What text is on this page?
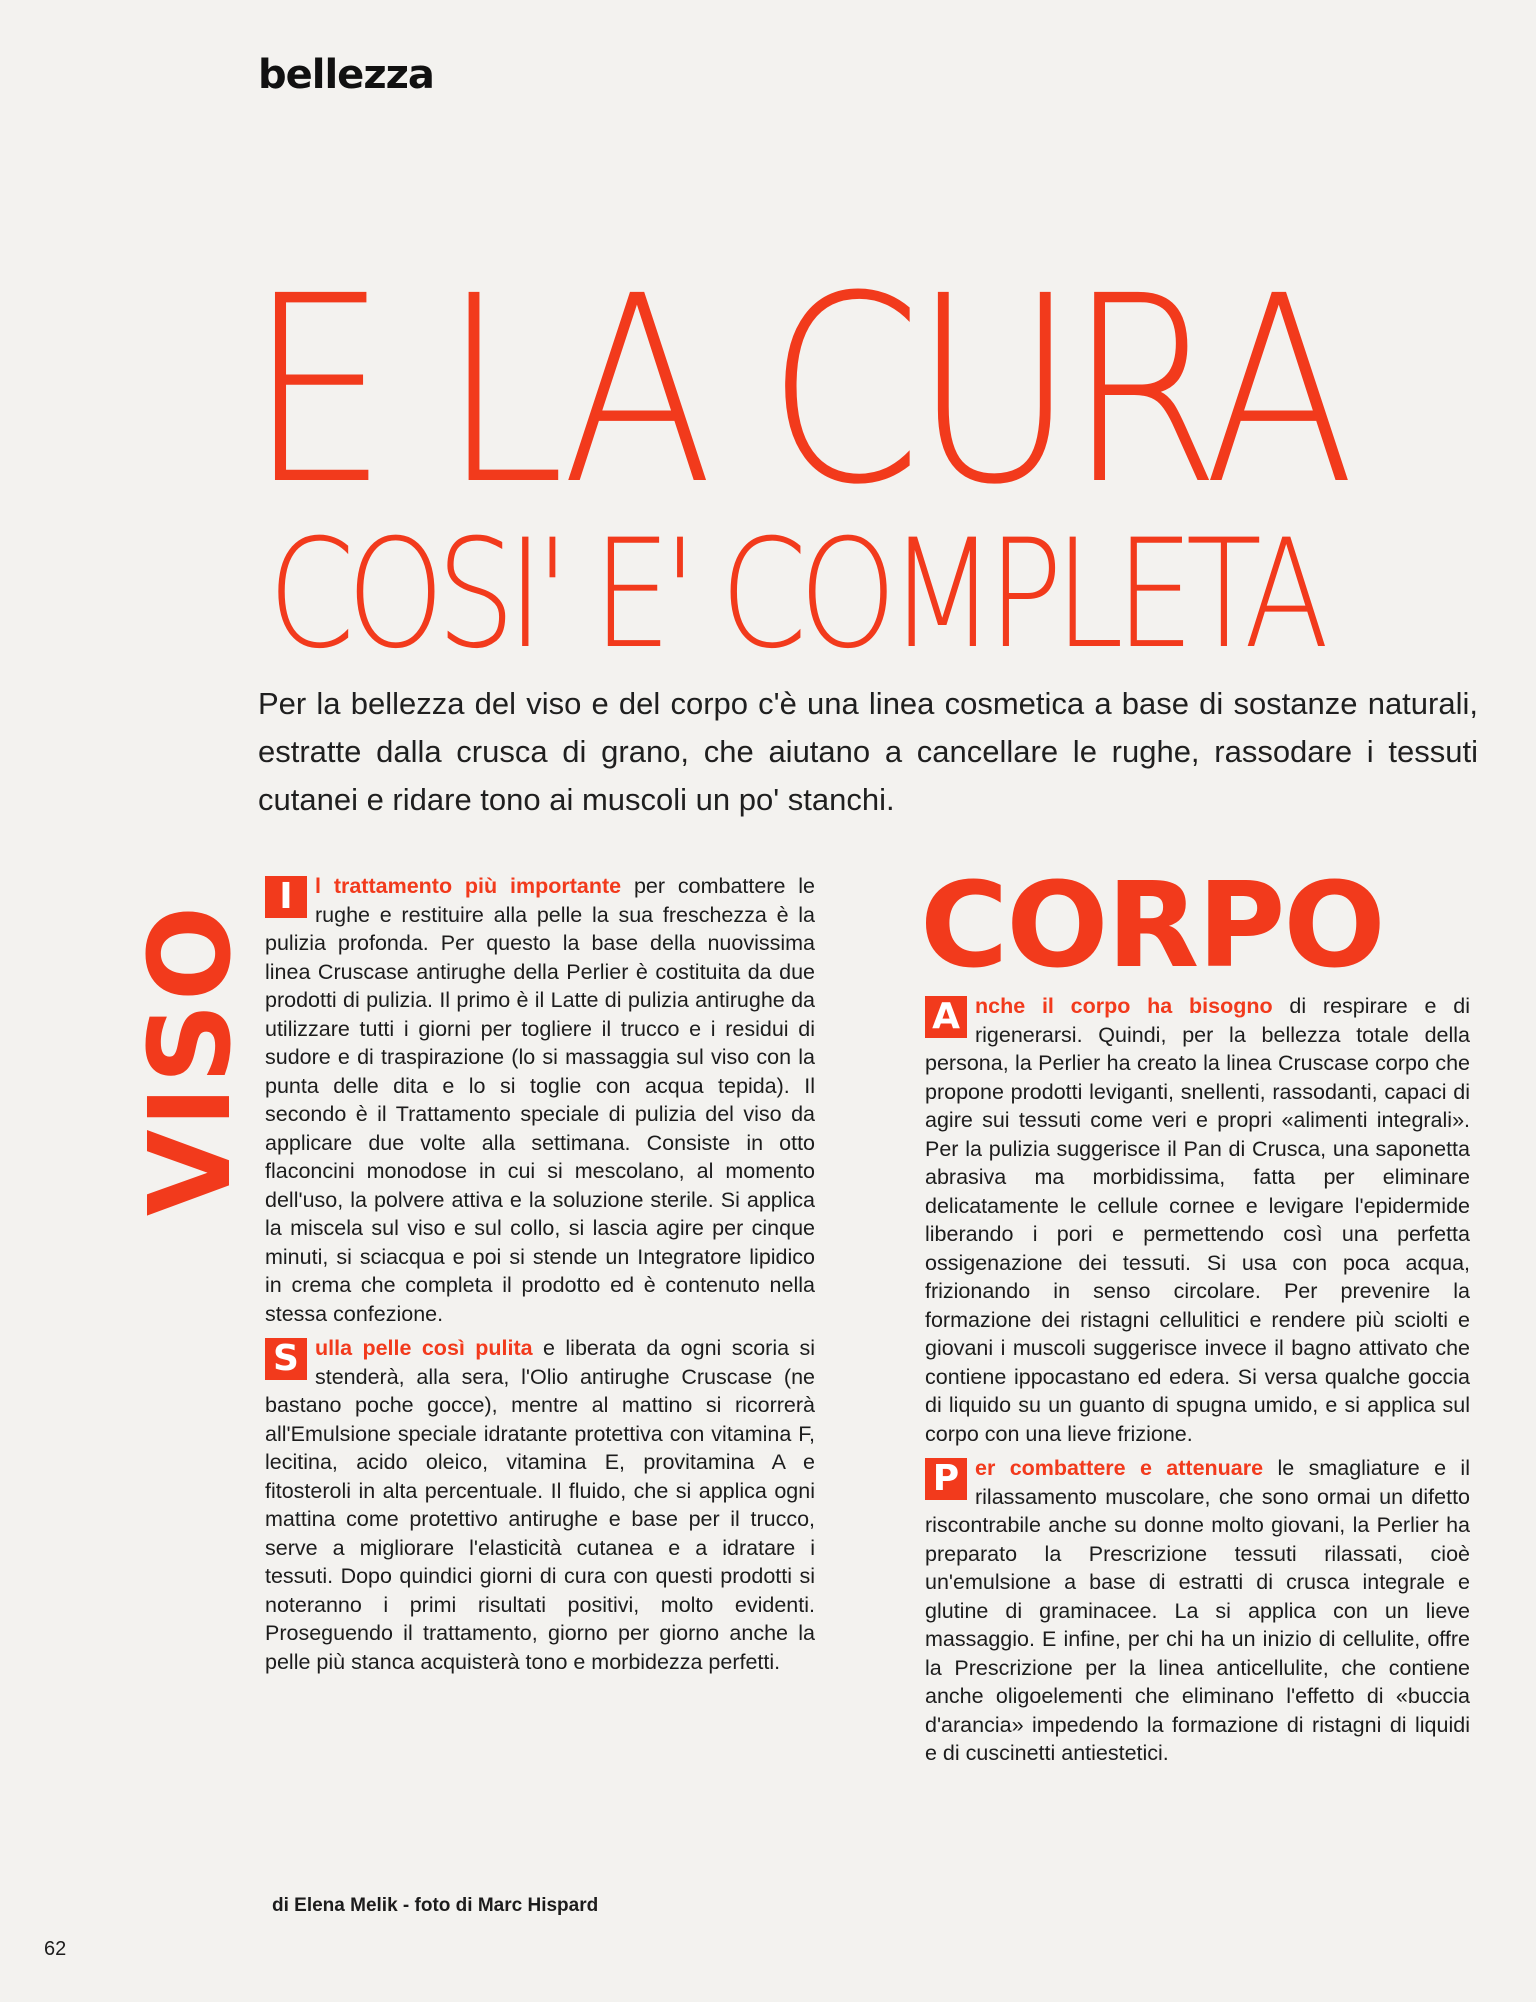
bellezza
E LA CURA
COSI' E' COMPLETA
Per la bellezza del viso e del corpo c'è una linea cosmetica a base di sostanze naturali, estratte dalla crusca di grano, che aiutano a cancellare le rughe, rassodare i tessuti cutanei e ridare tono ai muscoli un po' stanchi.
VISO

I	l trattamento più importante per combattere le rughe e restituire alla pelle la sua freschezza è la pulizia profonda. Per questo la base della nuovissima linea Cruscase antirughe della Perlier è costituita da due prodotti di pulizia. Il primo è il Latte di pulizia antirughe da utilizzare tutti i giorni per togliere il trucco e i residui di sudore e di traspirazione (lo si massaggia sul viso con la punta delle dita e lo si toglie con acqua tepida). Il secondo è il Trattamento speciale di pulizia del viso da applicare due volte alla settimana. Consiste in otto flaconcini monodose in cui si mescolano, al momento dell'uso, la polvere attiva e la soluzione sterile. Si applica la miscela sul viso e sul collo, si lascia agire per cinque minuti, si sciacqua e poi si stende un Integratore lipidico in crema che completa il prodotto ed è contenuto nella stessa confezione.

S ulla pelle così pulita e liberata da ogni scoria si stenderà, alla sera, l'Olio antirughe Cruscase (ne bastano poche gocce), mentre al mattino si ricorrerà all'Emulsione speciale idratante protettiva con vitamina F, lecitina, acido oleico, vitamina E, provitamina A e fitosteroli in alta percentuale. Il fluido, che si applica ogni mattina come protettivo antirughe e base per il trucco, serve a migliorare l'elasticità cutanea e a idratare i tessuti. Dopo quindici giorni di cura con questi prodotti si noteranno i primi risultati positivi, molto evidenti. Proseguendo il trattamento, giorno per giorno anche la pelle più stanca acquisterà tono e morbidezza perfetti.

CORPO

A nche il corpo ha bisogno di respirare e di rigenerarsi. Quindi, per la bellezza totale della persona, la Perlier ha creato la linea Cruscase corpo che propone prodotti leviganti, snellenti, rassodanti, capaci di agire sui tessuti come veri e propri «alimenti integrali». Per la pulizia suggerisce il Pan di Crusca, una saponetta abrasiva ma morbidissima, fatta per eliminare delicatamente le cellule cornee e levigare l'epidermide liberando i pori e permettendo così una perfetta ossigenazione dei tessuti. Si usa con poca acqua, frizionando in senso circolare. Per prevenire la formazione dei ristagni cellulitici e rendere più sciolti e giovani i muscoli suggerisce invece il bagno attivato che contiene ippocastano ed edera. Si versa qualche goccia di liquido su un guanto di spugna umido, e si applica sul corpo con una lieve frizione.

P er combattere e attenuare le smagliature e il rilassamento muscolare, che sono ormai un difetto riscontrabile anche su donne molto giovani, la Perlier ha preparato la Prescrizione tessuti rilassati, cioè un'emulsione a base di estratti di crusca integrale e glutine di graminacee. La si applica con un lieve massaggio. E infine, per chi ha un inizio di cellulite, offre la Prescrizione per la linea anticellulite, che contiene anche oligoelementi che eliminano l'effetto di «buccia d'arancia» impedendo la formazione di ristagni di liquidi e di cuscinetti antiestetici.

di Elena Melik - foto di Marc Hispard
62
